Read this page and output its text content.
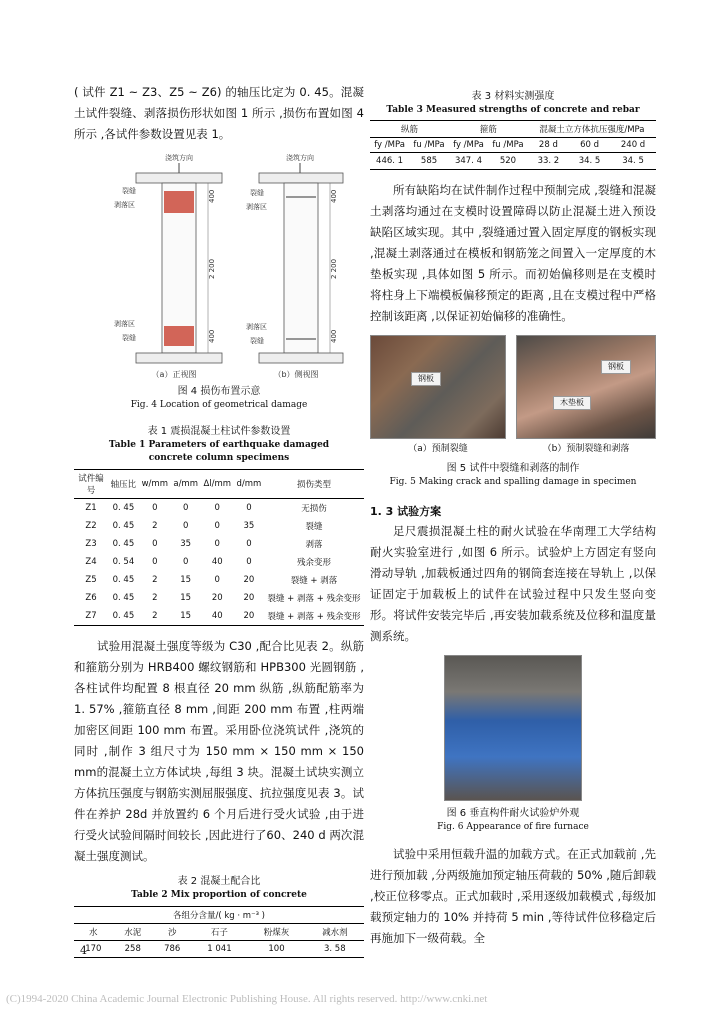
( 试件 Z1 ~ Z3、Z5 ~ Z6) 的轴压比定为 0. 45。混凝土试件裂缝、剥落损伤形状如图 1 所示 ,损伤布置如图 4 所示 ,各试件参数设置见表 1。

浇筑方向
裂缝
剥落区
剥落区
裂缝
400
2 200
400
浇筑方向
裂缝
剥落区
剥落区
裂缝
400
2 200
400
（a）正视图	（b）侧视图
图 4 损伤布置示意
Fig. 4 Location of geometrical damage
表 1 震损混凝土柱试件参数设置
Table 1 Parameters of earthquake damaged
concrete column specimens
试件编号	轴压比	w/mm	a/mm	Δl/mm	d/mm	损伤类型
Z1	0. 45	0	0	0	0	无损伤
Z2	0. 45	2	0	0	35	裂缝
Z3	0. 45	0	35	0	0	剥落
Z4	0. 54	0	0	40	0	残余变形
Z5	0. 45	2	15	0	20	裂缝 + 剥落
Z6	0. 45	2	15	20	20	裂缝 + 剥落 + 残余变形
Z7	0. 45	2	15	40	20	裂缝 + 剥落 + 残余变形

试验用混凝土强度等级为 C30 ,配合比见表 2。纵筋和箍筋分别为 HRB400 螺纹钢筋和 HPB300 光圆钢筋 ,各柱试件均配置 8 根直径 20 mm 纵筋 ,纵筋配筋率为 1. 57% ,箍筋直径 8 mm ,间距 200 mm 布置 ,柱两端加密区间距 100 mm 布置。采用卧位浇筑试件 ,浇筑的同时 ,制作 3 组尺寸为 150 mm × 150 mm × 150 mm的混凝土立方体试块 ,每组 3 块。混凝土试块实测立方体抗压强度与钢筋实测屈服强度、抗拉强度见表 3。试件在养护 28d 并放置约 6 个月后进行受火试验 ,由于进行受火试验间隔时间较长 ,因此进行了60、240 d 两次混凝土强度测试。

表 2 混凝土配合比
Table 2 Mix proportion of concrete
各组分含量/( kg · m⁻³ )					
水	水泥	沙	石子	粉煤灰	减水剂
170	258	786	1 041	100	3. 58
4
表 3 材料实测强度
Table 3 Measured strengths of concrete and rebar
纵筋		箍筋		混凝土立方体抗压强度/MPa		
fy /MPa	fu /MPa	fy /MPa	fu /MPa	28 d	60 d	240 d
446. 1	585	347. 4	520	33. 2	34. 5	34. 5

所有缺陷均在试件制作过程中预制完成 ,裂缝和混凝土剥落均通过在支模时设置障碍以防止混凝土进入预设缺陷区域实现。其中 ,裂缝通过置入固定厚度的钢板实现 ,混凝土剥落通过在模板和钢筋笼之间置入一定厚度的木垫板实现 ,具体如图 5 所示。而初始偏移则是在支模时将柱身上下端模板偏移预定的距离 ,且在支模过程中严格控制该距离 ,以保证初始偏移的准确性。

钢板
（a）预制裂缝
钢板
木垫板
（b）预制裂缝和剥落
图 5 试件中裂缝和剥落的制作
Fig. 5 Making crack and spalling damage in specimen
1. 3 试验方案

足尺震损混凝土柱的耐火试验在华南理工大学结构耐火实验室进行 ,如图 6 所示。试验炉上方固定有竖向滑动导轨 ,加载板通过四角的钢筒套连接在导轨上 ,以保证固定于加载板上的试件在试验过程中只发生竖向变形。将试件安装完毕后 ,再安装加载系统及位移和温度量测系统。

图 6 垂直构件耐火试验炉外观
Fig. 6 Appearance of fire furnace

试验中采用恒载升温的加载方式。在正式加载前 ,先进行预加载 ,分两级施加预定轴压荷载的 50% ,随后卸载 ,校正位移零点。正式加载时 ,采用逐级加载模式 ,每级加载预定轴力的 10% 并持荷 5 min ,等待试件位移稳定后再施加下一级荷载。全

(C)1994-2020 China Academic Journal Electronic Publishing House. All rights reserved. http://www.cnki.net
